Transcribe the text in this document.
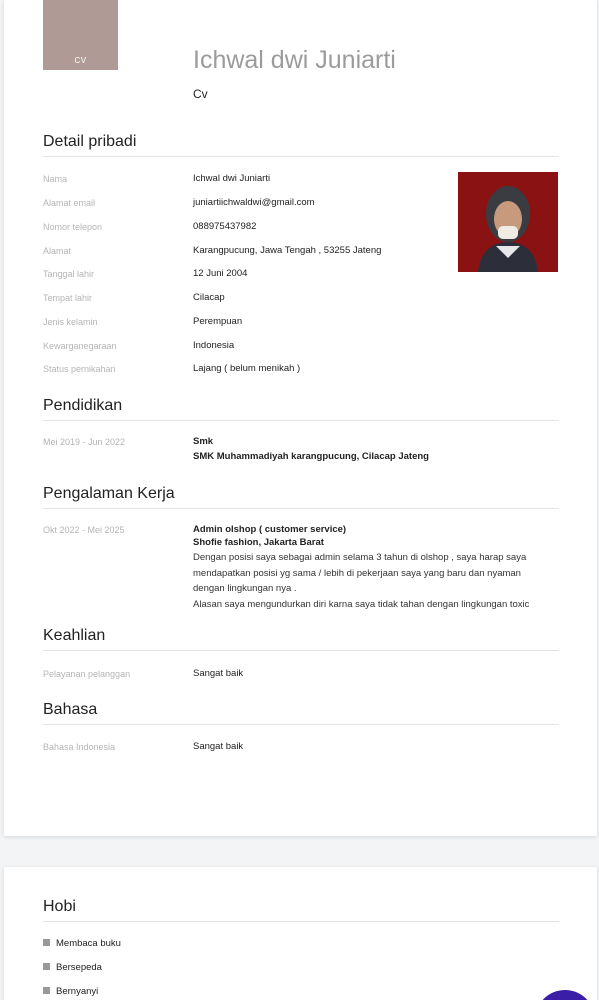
CV	Ichwal dwi Juniarti
Cv
Detail pribadi
Nama	Ichwal dwi Juniarti
Alamat email	juniartiichwaldwi@gmail.com
Nomor telepon	088975437982
Alamat	Karangpucung, Jawa Tengah , 53255 Jateng
Tanggal lahir	12 Juni 2004
Tempat lahir	Cilacap
Jenis kelamin	Perempuan
Kewarganegaraan	Indonesia
Status pernikahan	Lajang ( belum menikah )
Pendidikan
Mei 2019 - Jun 2022	Smk
SMK Muhammadiyah karangpucung, Cilacap Jateng
Pengalaman Kerja
Okt 2022 - Mei 2025	Admin olshop ( customer service)
Shofie fashion, Jakarta Barat
Dengan posisi saya sebagai admin selama 3 tahun di olshop , saya harap saya
mendapatkan posisi yg sama / lebih di pekerjaan saya yang baru dan nyaman
dengan lingkungan nya .
Alasan saya mengundurkan diri karna saya tidak tahan dengan lingkungan toxic
Keahlian
Pelayanan pelanggan	Sangat baik
Bahasa
Bahasa Indonesia	Sangat baik
Hobi
Membaca buku
Bersepeda
Bernyanyi
